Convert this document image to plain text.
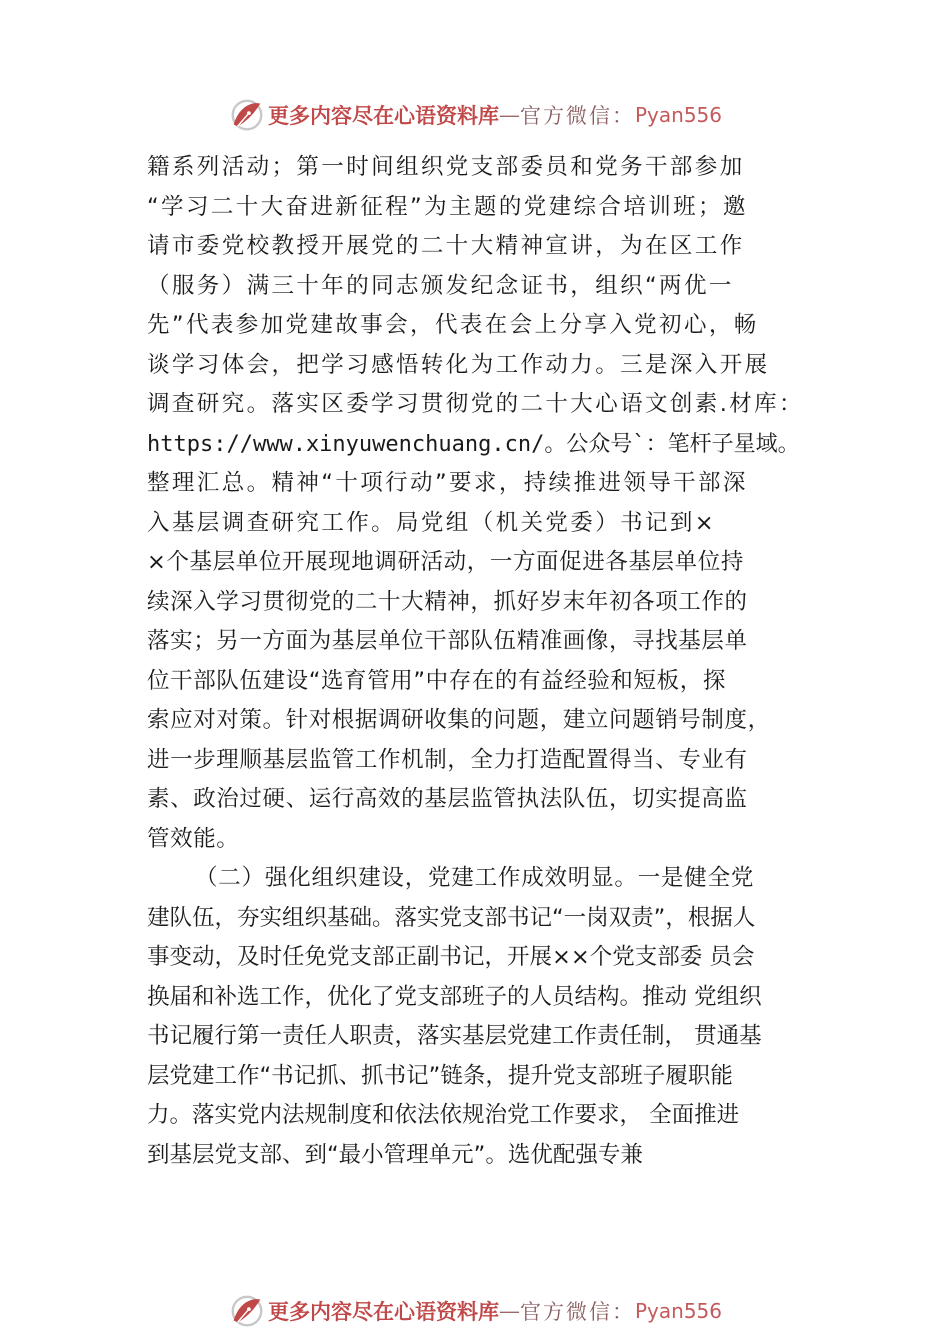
更多内容尽在心语资料库 — 官方微信： Pyan556
籍系列活动；第一时间组织党支部委员和党务干部参加
“学习二十大奋进新征程”为主题的党建综合培训班；邀
请市委党校教授开展党的二十大精神宣讲，为在区工作
（服务）满三十年的同志颁发纪念证书，组织“两优一
先”代表参加党建故事会，代表在会上分享入党初心，畅
谈学习体会，把学习感悟转化为工作动力。三是深入开展
调查研究。落实区委学习贯彻党的二十大心语文创素.材库：
https://www.xinyuwenchuang.cn/。公众号`：笔杆子星域。
整理汇总。精神“十项行动”要求，持续推进领导干部深
入基层调查研究工作。局党组（机关党委）书记到×
×个基层单位开展现地调研活动，一方面促进各基层单位持
续深入学习贯彻党的二十大精神，抓好岁末年初各项工作的
落实；另一方面为基层单位干部队伍精准画像，寻找基层单
位干部队伍建设“选育管用”中存在的有益经验和短板，探
索应对对策。针对根据调研收集的问题，建立问题销号制度，
进一步理顺基层监管工作机制，全力打造配置得当、专业有
素、政治过硬、运行高效的基层监管执法队伍，切实提高监
管效能。
（二）强化组织建设，党建工作成效明显。一是健全党
建队伍，夯实组织基础。落实党支部书记“一岗双责”，根据人
事变动，及时任免党支部正副书记，开展××个党支部委 员会
换届和补选工作，优化了党支部班子的人员结构。推动 党组织
书记履行第一责任人职责，落实基层党建工作责任制， 贯通基
层党建工作“书记抓、抓书记”链条，提升党支部班子履职能
力。落实党内法规制度和依法依规治党工作要求， 全面推进
到基层党支部、到“最小管理单元”。选优配强专兼
更多内容尽在心语资料库 — 官方微信： Pyan556
